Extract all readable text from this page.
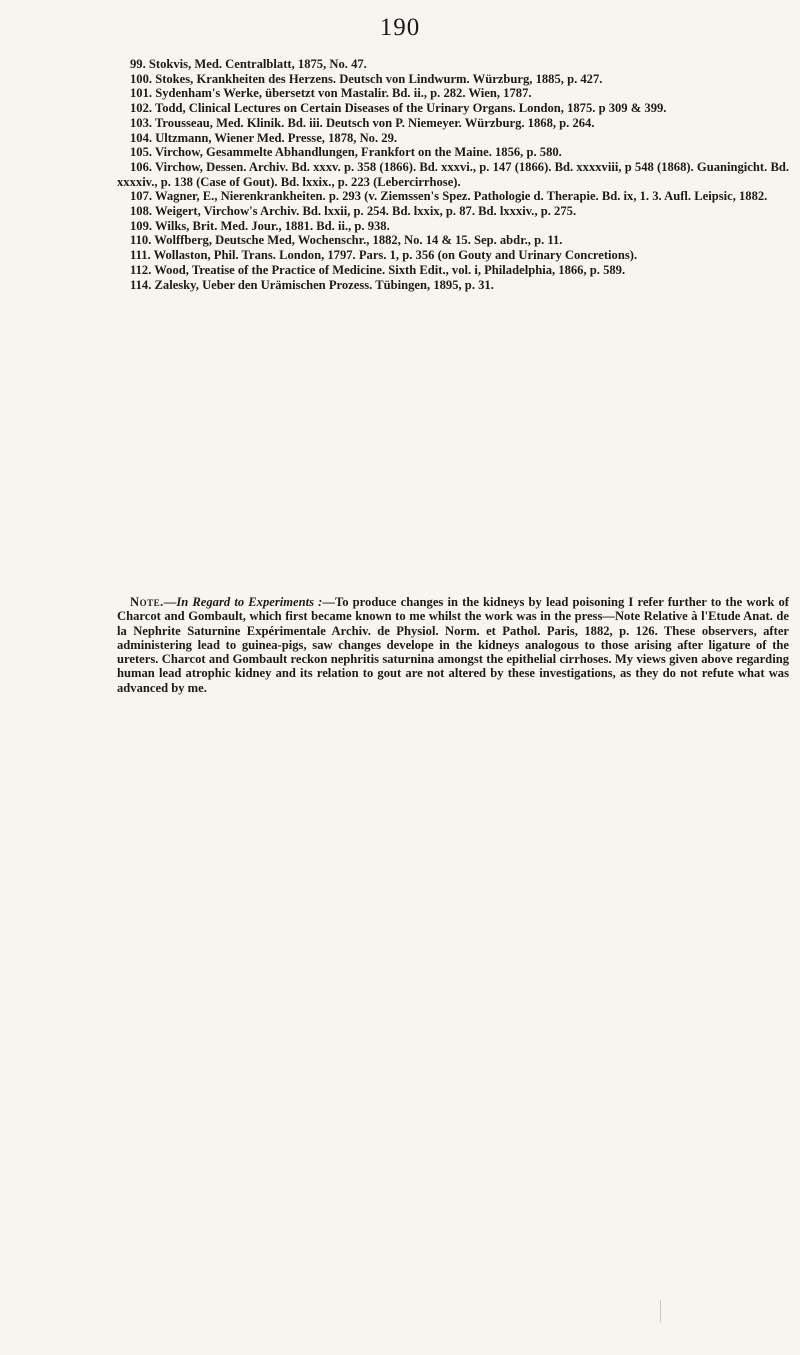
190

99. Stokvis, Med. Centralblatt, 1875, No. 47.

100. Stokes, Krankheiten des Herzens. Deutsch von Lindwurm. Würzburg, 1885, p. 427.

101. Sydenham's Werke, übersetzt von Mastalir. Bd. ii., p. 282. Wien, 1787.

102. Todd, Clinical Lectures on Certain Diseases of the Urinary Organs. London, 1875. p 309 & 399.

103. Trousseau, Med. Klinik. Bd. iii. Deutsch von P. Niemeyer. Würzburg. 1868, p. 264.

104. Ultzmann, Wiener Med. Presse, 1878, No. 29.

105. Virchow, Gesammelte Abhandlungen, Frankfort on the Maine. 1856, p. 580.

106. Virchow, Dessen. Archiv. Bd. xxxv. p. 358 (1866). Bd. xxxvi., p. 147 (1866). Bd. xxxxviii, p 548 (1868). Guaningicht. Bd. xxxxiv., p. 138 (Case of Gout). Bd. lxxix., p. 223 (Lebercirrhose).

107. Wagner, E., Nierenkrankheiten. p. 293 (v. Ziemssen's Spez. Pathologie d. Therapie. Bd. ix, 1. 3. Aufl. Leipsic, 1882.

108. Weigert, Virchow's Archiv. Bd. lxxii, p. 254. Bd. lxxix, p. 87. Bd. lxxxiv., p. 275.

109. Wilks, Brit. Med. Jour., 1881. Bd. ii., p. 938.

110. Wolffberg, Deutsche Med, Wochenschr., 1882, No. 14 & 15. Sep. abdr., p. 11.

111. Wollaston, Phil. Trans. London, 1797. Pars. 1, p. 356 (on Gouty and Urinary Concretions).

112. Wood, Treatise of the Practice of Medicine. Sixth Edit., vol. i, Philadelphia, 1866, p. 589.

114. Zalesky, Ueber den Urämischen Prozess. Tübingen, 1895, p. 31.

Note.—In Regard to Experiments :—To produce changes in the kidneys by lead poisoning I refer further to the work of Charcot and Gombault, which first became known to me whilst the work was in the press—Note Relative à l'Etude Anat. de la Nephrite Saturnine Expérimentale Archiv. de Physiol. Norm. et Pathol. Paris, 1882, p. 126. These observers, after administering lead to guinea-pigs, saw changes develope in the kidneys analogous to those arising after ligature of the ureters. Charcot and Gombault reckon nephritis saturnina amongst the epithelial cirrhoses. My views given above regarding human lead atrophic kidney and its relation to gout are not altered by these investigations, as they do not refute what was advanced by me.
